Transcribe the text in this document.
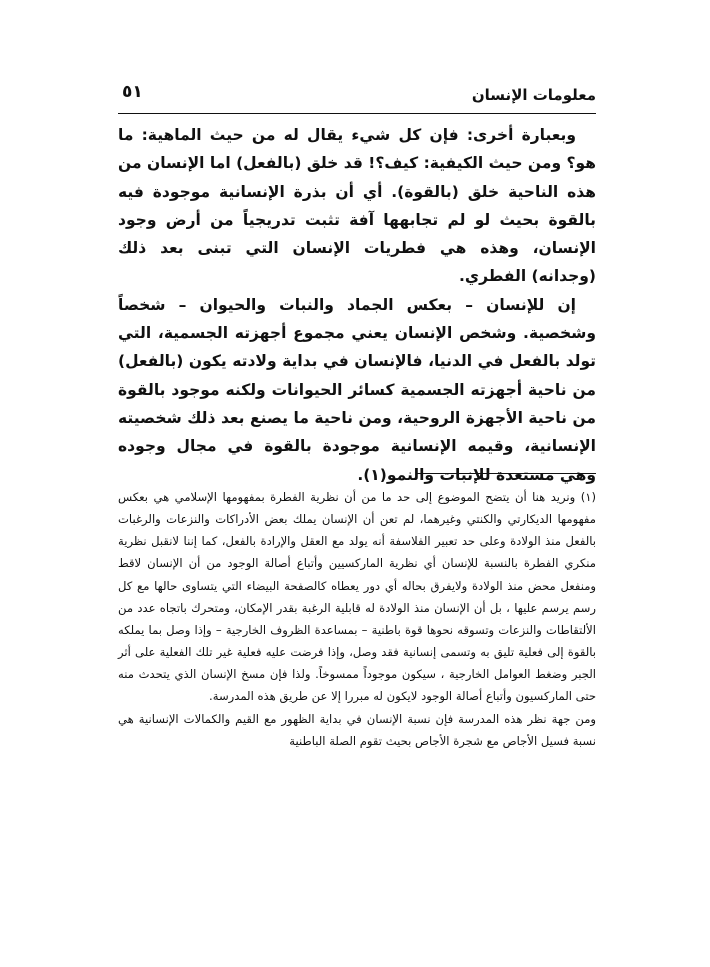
معلومات الإنسان
٥١

وبعبارة أخرى: فإن كل شيء يقال له من حيث الماهية: ما هو؟ ومن حيث الكيفية: كيف؟! قد خلق (بالفعل) اما الإنسان من هذه الناحية خلق (بالقوة). أي أن بذرة الإنسانية موجودة فيه بالقوة بحيث لو لم تجابهها آفة تثبت تدريجياً من أرض وجود الإنسان، وهذه هي فطريات الإنسان التي تبنى بعد ذلك (وجدانه) الفطري.

إن للإنسان – بعكس الجماد والنبات والحيوان – شخصاً وشخصية. وشخص الإنسان يعني مجموع أجهزته الجسمية، التي تولد بالفعل في الدنيا، فالإنسان في بداية ولادته يكون (بالفعل) من ناحية أجهزته الجسمية كسائر الحيوانات ولكنه موجود بالقوة من ناحية الأجهزة الروحية، ومن ناحية ما يصنع بعد ذلك شخصيته الإنسانية، وقيمه الإنسانية موجودة بالقوة في مجال وجوده وهي مستعدة للإنبات والنمو(١).

(١) ونريد هنا أن يتضح الموضوع إلى حد ما من أن نظرية الفطرة بمفهومها الإسلامي هي بعكس مفهومها الديكارتي والكنتي وغيرهما، لم تعن أن الإنسان يملك بعض الأدراكات والنزعات والرغبات بالفعل منذ الولادة وعلى حد تعبير الفلاسفة أنه يولد مع العقل والإرادة بالفعل، كما إننا لانقبل نظرية منكري الفطرة بالنسبة للإنسان أي نظرية الماركسيين وأتباع أصالة الوجود من أن الإنسان لاقط ومنفعل محض منذ الولادة ولايفرق بحاله أي دور يعطاه كالصفحة البيضاء التي يتساوى حالها مع كل رسم يرسم عليها ، بل أن الإنسان منذ الولادة له قابلية الرغبة بقدر الإمكان، ومتحرك باتجاه عدد من الألتقاطات والنزعات وتسوقه نحوها قوة باطنية – بمساعدة الظروف الخارجية – وإذا وصل بما يملكه بالقوة إلى فعلية تليق به وتسمى إنسانية فقد وصل، وإذا فرضت عليه فعلية غير تلك الفعلية على أثر الجبر وضغط العوامل الخارجية ، سيكون موجوداً ممسوخاً. ولذا فإن مسخ الإنسان الذي يتحدث منه حتى الماركسيون وأتباع أصالة الوجود لايكون له مبررا إلا عن طريق هذه المدرسة.

ومن جهة نظر هذه المدرسة فإن نسبة الإنسان في بداية الظهور مع القيم والكمالات الإنسانية هي نسبة فسيل الأجاص مع شجرة الأجاص بحيث تقوم الصلة الباطنية
